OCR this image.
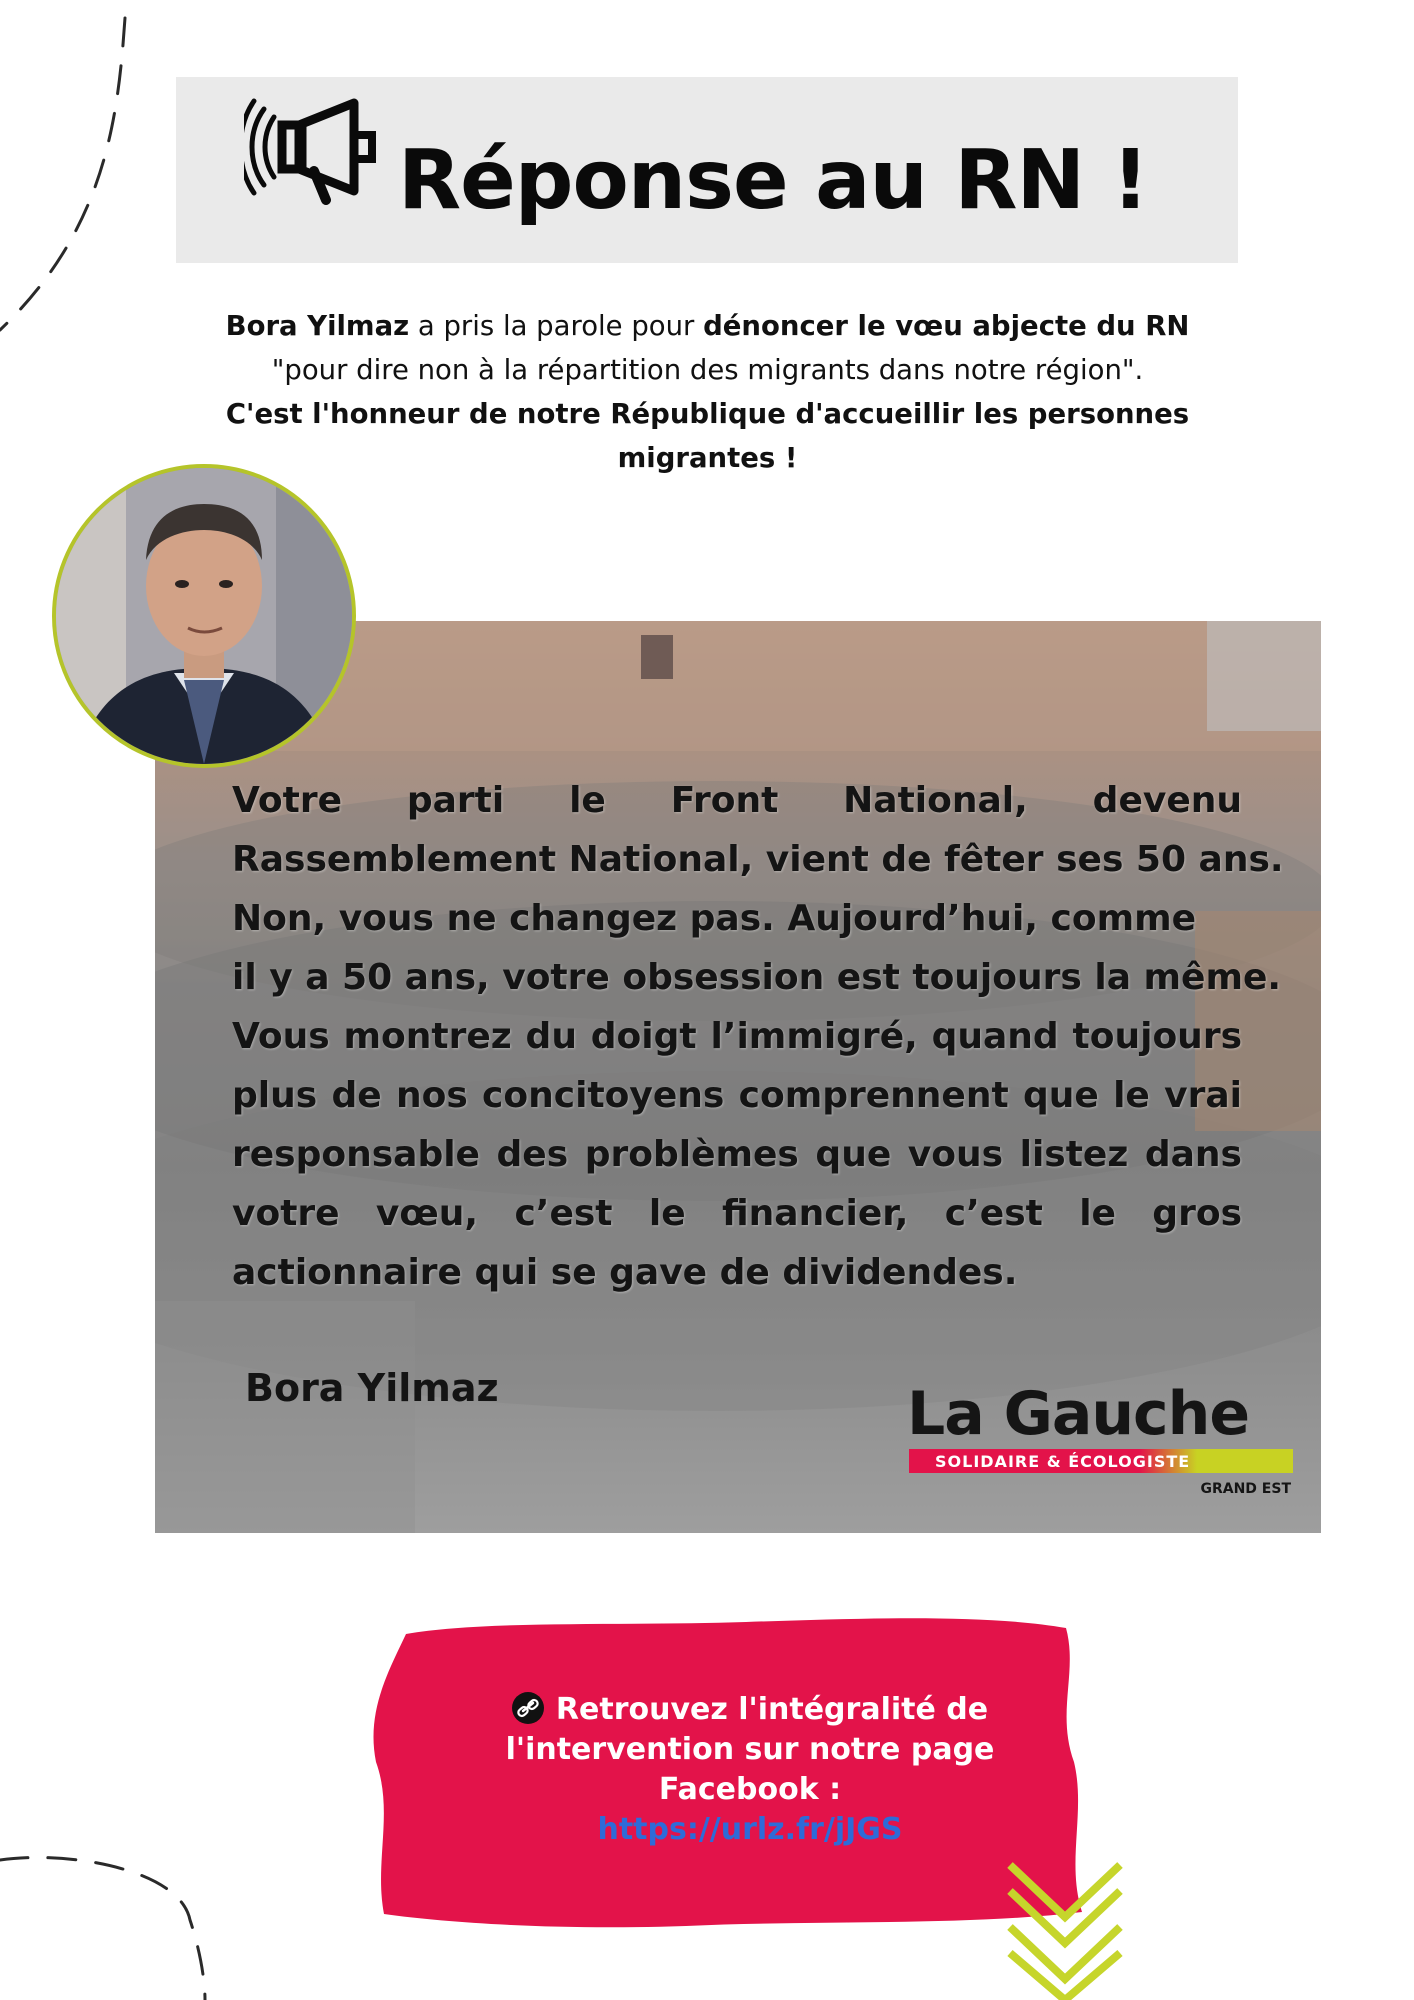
Réponse au RN !
Bora Yilmaz a pris la parole pour dénoncer le vœu abjecte du RN
"pour dire non à la répartition des migrants dans notre région".
C'est l'honneur de notre République d'accueillir les personnes
migrantes !
Votre parti le Front National, devenu
Rassemblement National, vient de fêter ses 50 ans.
Non, vous ne changez pas. Aujourd’hui, comme
il y a 50 ans, votre obsession est toujours la même.
Vous montrez du doigt l’immigré, quand toujours
plus de nos concitoyens comprennent que le vrai
responsable des problèmes que vous listez dans
votre vœu, c’est le financier, c’est le gros
actionnaire qui se gave de dividendes.
Bora Yilmaz	La Gauche
SOLIDAIRE & ÉCOLOGISTE
GRAND EST
Retrouvez l'intégralité de
l'intervention sur notre page
Facebook :
https://urlz.fr/jJGS
